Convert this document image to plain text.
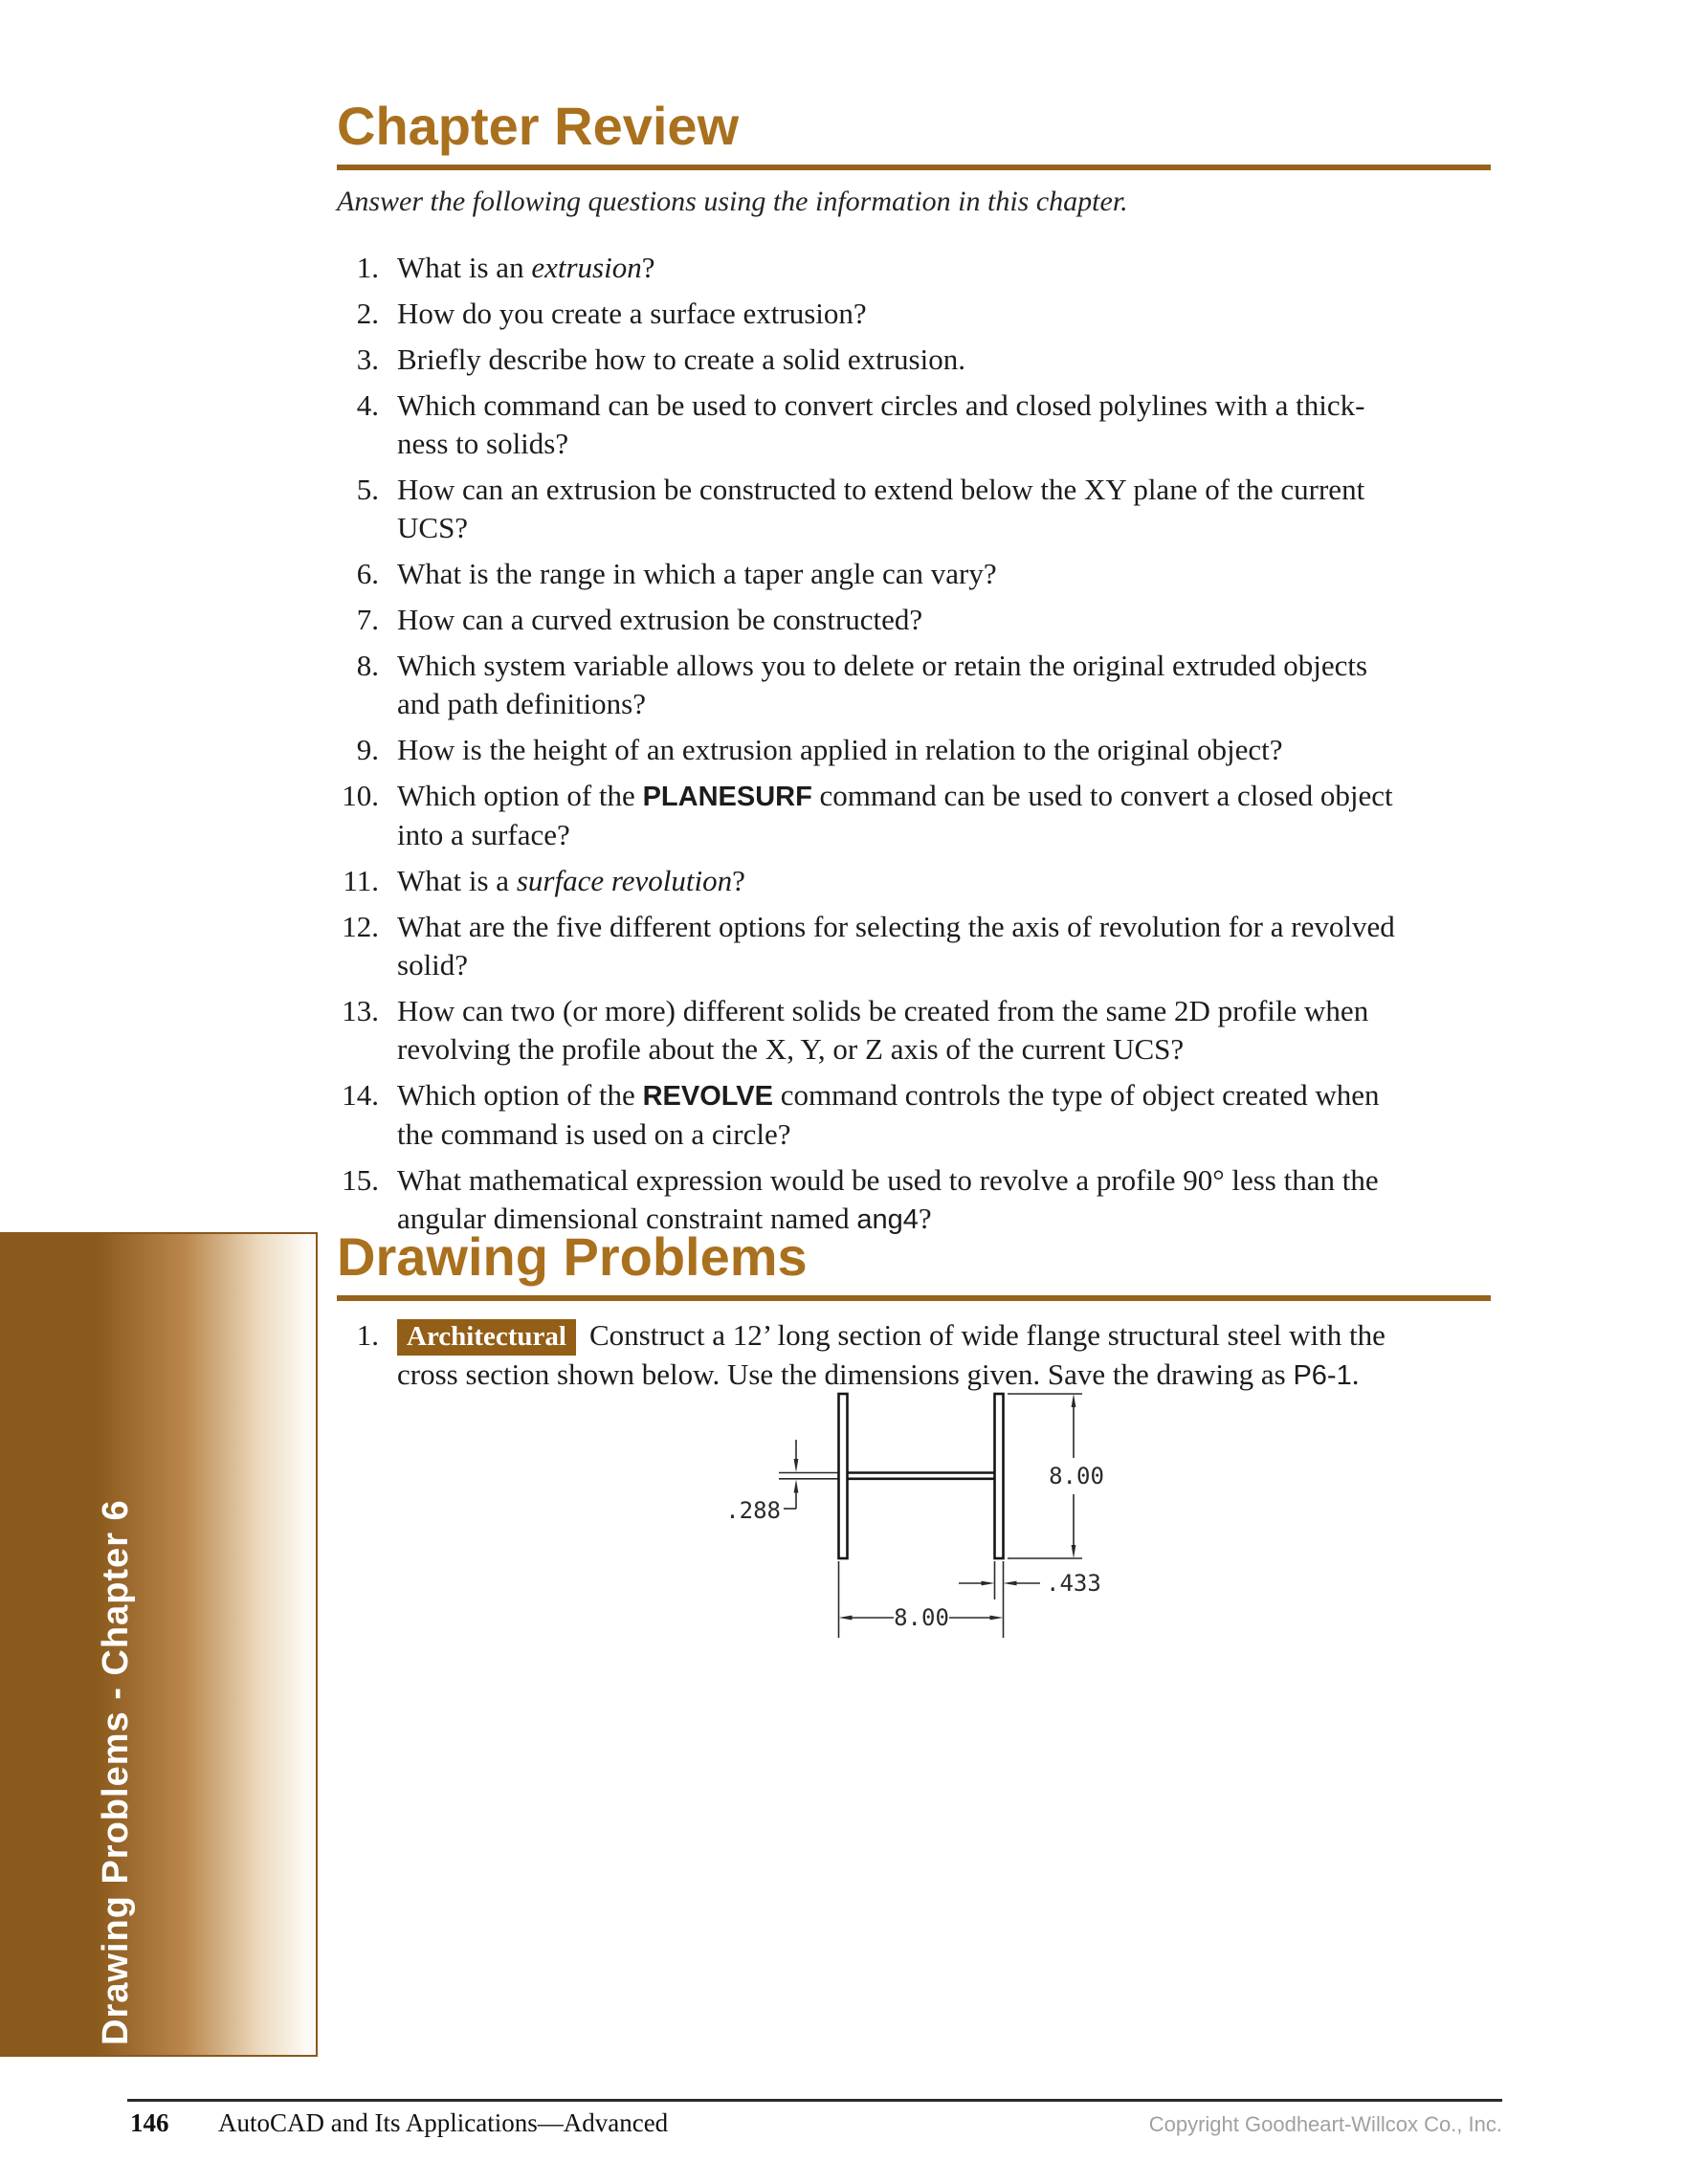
Chapter Review

Answer the following questions using the information in this chapter.

1. What is an extrusion?
2. How do you create a surface extrusion?
3. Briefly describe how to create a solid extrusion.
4. Which command can be used to convert circles and closed polylines with a thick-
ness to solids?
5. How can an extrusion be constructed to extend below the XY plane of the current
UCS?
6. What is the range in which a taper angle can vary?
7. How can a curved extrusion be constructed?
8. Which system variable allows you to delete or retain the original extruded objects
and path definitions?
9. How is the height of an extrusion applied in relation to the original object?
10. Which option of the PLANESURF command can be used to convert a closed object
into a surface?
11. What is a surface revolution?
12. What are the five different options for selecting the axis of revolution for a revolved
solid?
13. How can two (or more) different solids be created from the same 2D profile when
revolving the profile about the X, Y, or Z axis of the current UCS?
14. Which option of the REVOLVE command controls the type of object created when
the command is used on a circle?
15. What mathematical expression would be used to revolve a profile 90° less than the
angular dimensional constraint named ang4?
Drawing Problems
1.	Architectural Construct a 12’ long section of wide flange structural steel with the
cross section shown below. Use the dimensions given. Save the drawing as P6-1.
.288
8.00
.433
8.00
Drawing Problems - Chapter 6
146 AutoCAD and Its Applications—Advanced	Copyright Goodheart-Willcox Co., Inc.
